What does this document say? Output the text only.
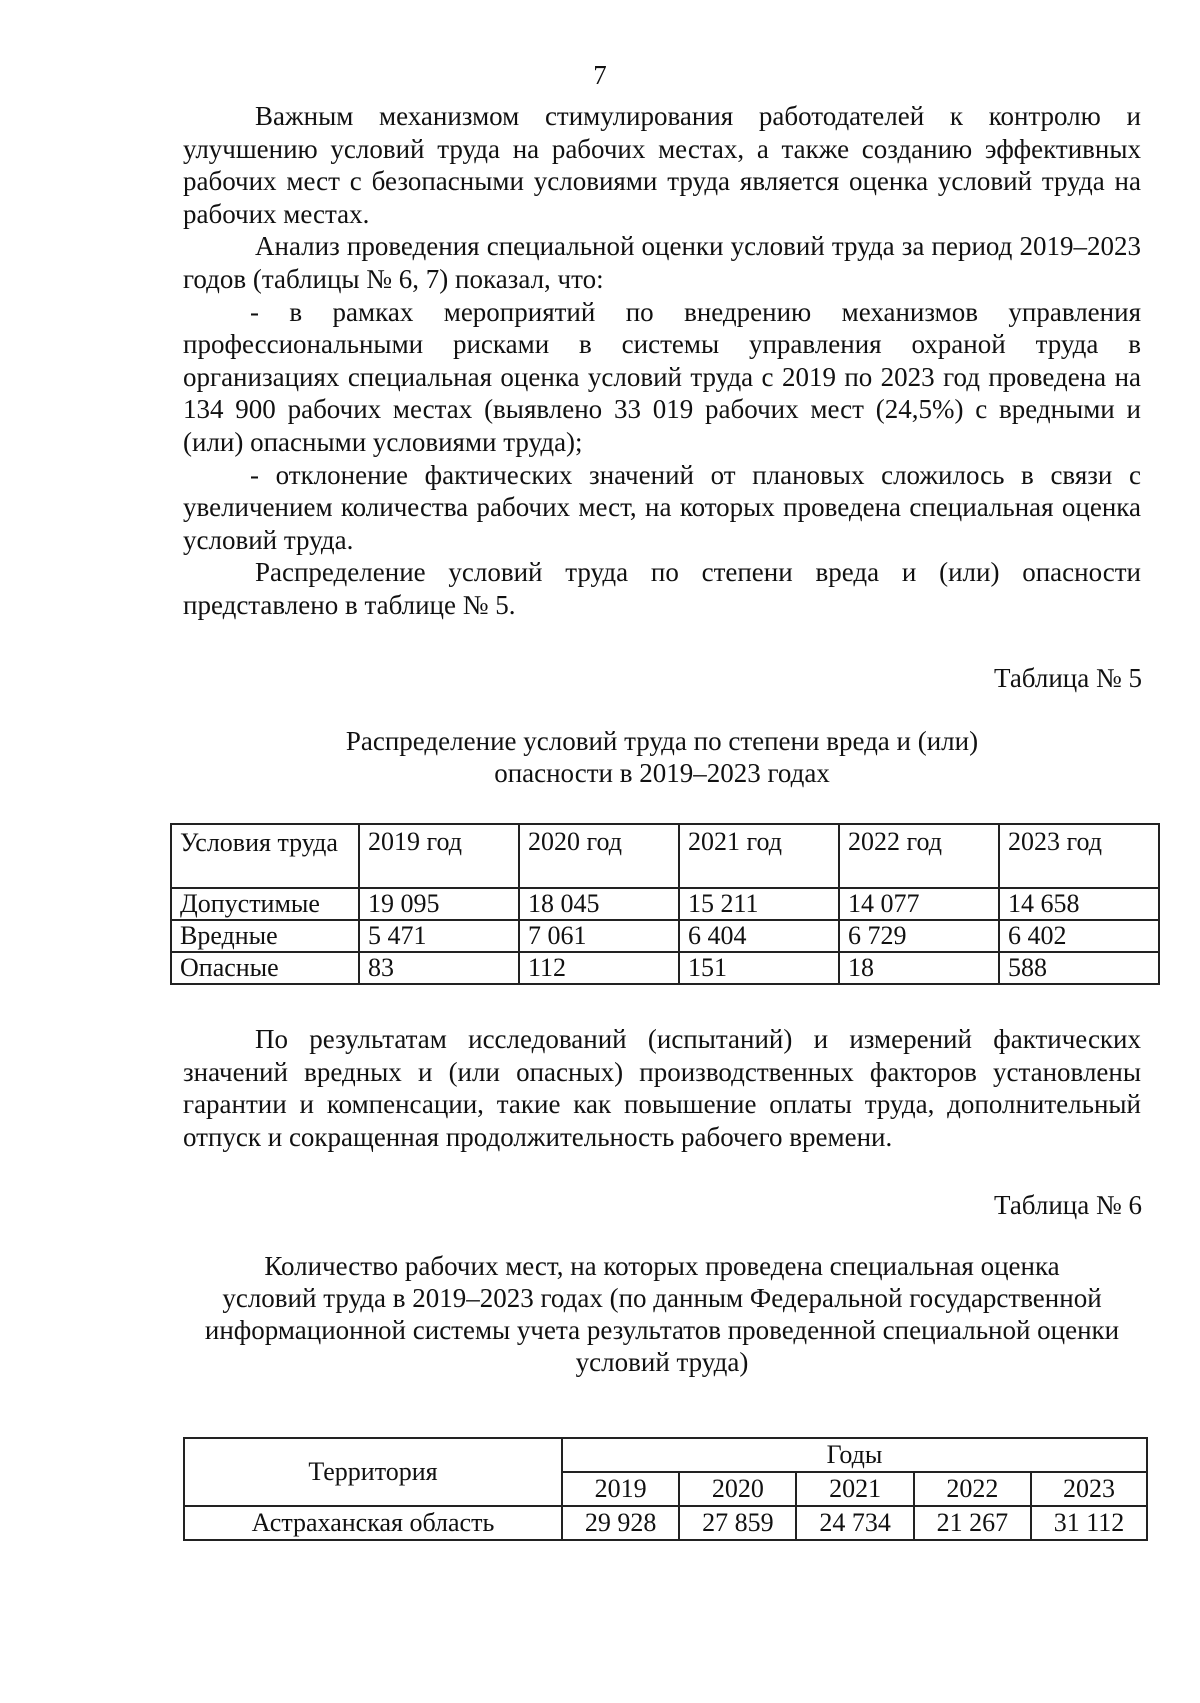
7

Важным механизмом стимулирования работодателей к контролю и улучшению условий труда на рабочих местах, а также созданию эффективных рабочих мест с безопасными условиями труда является оценка условий труда на рабочих местах.

Анализ проведения специальной оценки условий труда за период 2019–2023 годов (таблицы № 6, 7) показал, что:

- в рамках мероприятий по внедрению механизмов управления профессиональными рисками в системы управления охраной труда в организациях специальная оценка условий труда с 2019 по 2023 год проведена на 134 900 рабочих местах (выявлено 33 019 рабочих мест (24,5%) с вредными и (или) опасными условиями труда);

- отклонение фактических значений от плановых сложилось в связи с увеличением количества рабочих мест, на которых проведена специальная оценка условий труда.

Распределение условий труда по степени вреда и (или) опасности представлено в таблице № 5.

Таблица № 5
Распределение условий труда по степени вреда и (или)
опасности в 2019–2023 годах
Условия труда	2019 год	2020 год	2021 год	2022 год	2023 год
Допустимые	19 095	18 045	15 211	14 077	14 658
Вредные	5 471	7 061	6 404	6 729	6 402
Опасные	83	112	151	18	588

По результатам исследований (испытаний) и измерений фактических значений вредных и (или опасных) производственных факторов установлены гарантии и компенсации, такие как повышение оплаты труда, дополнительный отпуск и сокращенная продолжительность рабочего времени.

Таблица № 6
Количество рабочих мест, на которых проведена специальная оценка
условий труда в 2019–2023 годах (по данным Федеральной государственной
информационной системы учета результатов проведенной специальной оценки
условий труда)
Территория	Годы				
	2019	2020	2021	2022	2023
Астраханская область	29 928	27 859	24 734	21 267	31 112
